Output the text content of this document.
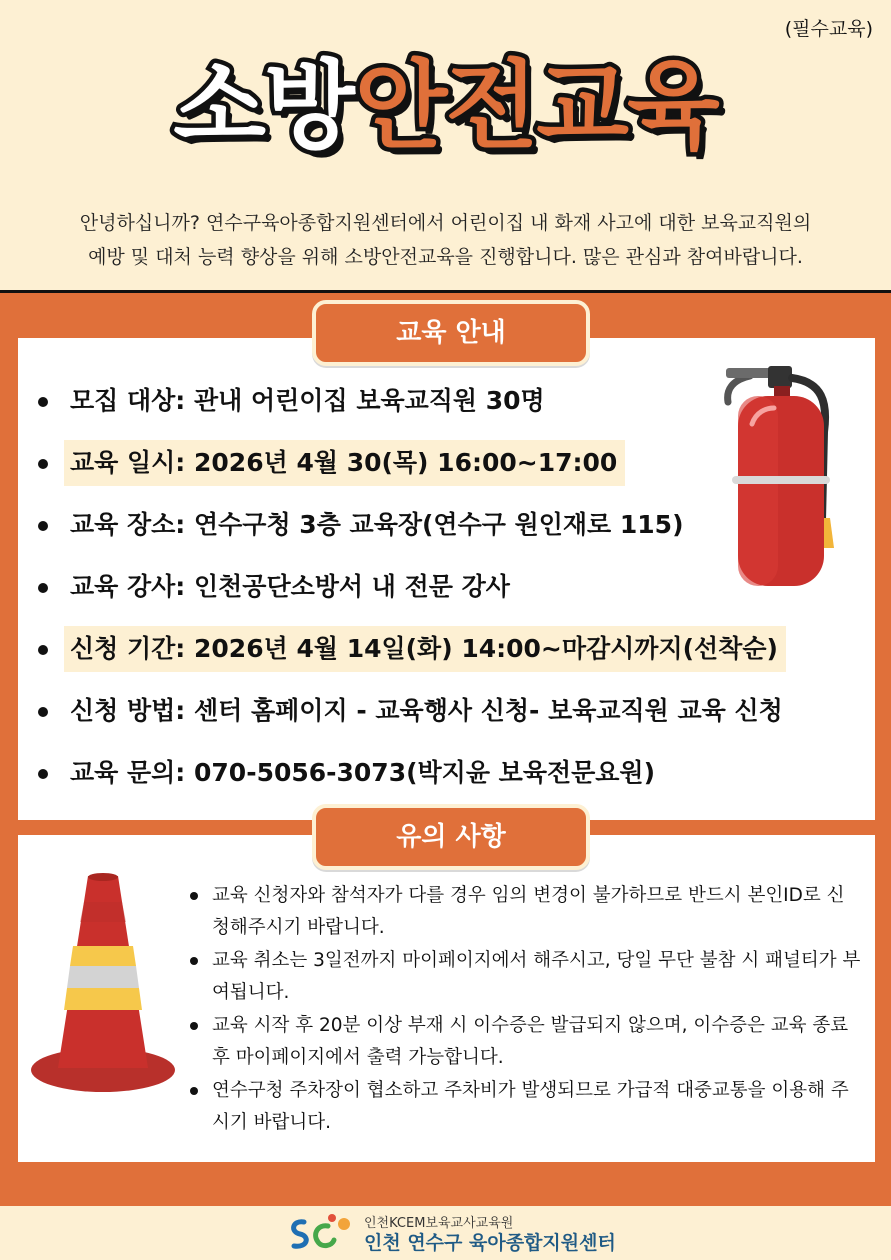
(필수교육)
소방안전교육
안녕하십니까? 연수구육아종합지원센터에서 어린이집 내 화재 사고에 대한 보육교직원의
예방 및 대처 능력 향상을 위해 소방안전교육을 진행합니다. 많은 관심과 참여바랍니다.
교육 안내
유의 사항
모집 대상: 관내 어린이집 보육교직원 30명
교육 일시: 2026년 4월 30(목) 16:00~17:00
교육 장소: 연수구청 3층 교육장(연수구 원인재로 115)
교육 강사: 인천공단소방서 내 전문 강사
신청 기간: 2026년 4월 14일(화) 14:00~마감시까지(선착순)
신청 방법: 센터 홈페이지 - 교육행사 신청- 보육교직원 교육 신청
교육 문의: 070-5056-3073(박지윤 보육전문요원)
교육 신청자와 참석자가 다를 경우 임의 변경이 불가하므로 반드시 본인ID로 신청해주시기 바랍니다.
교육 취소는 3일전까지 마이페이지에서 해주시고, 당일 무단 불참 시 패널티가 부여됩니다.
교육 시작 후 20분 이상 부재 시 이수증은 발급되지 않으며, 이수증은 교육 종료 후 마이페이지에서 출력 가능합니다.
연수구청 주차장이 협소하고 주차비가 발생되므로 가급적 대중교통을 이용해 주시기 바랍니다.
인천KCEM보육교사교육원
인천 연수구 육아종합지원센터
